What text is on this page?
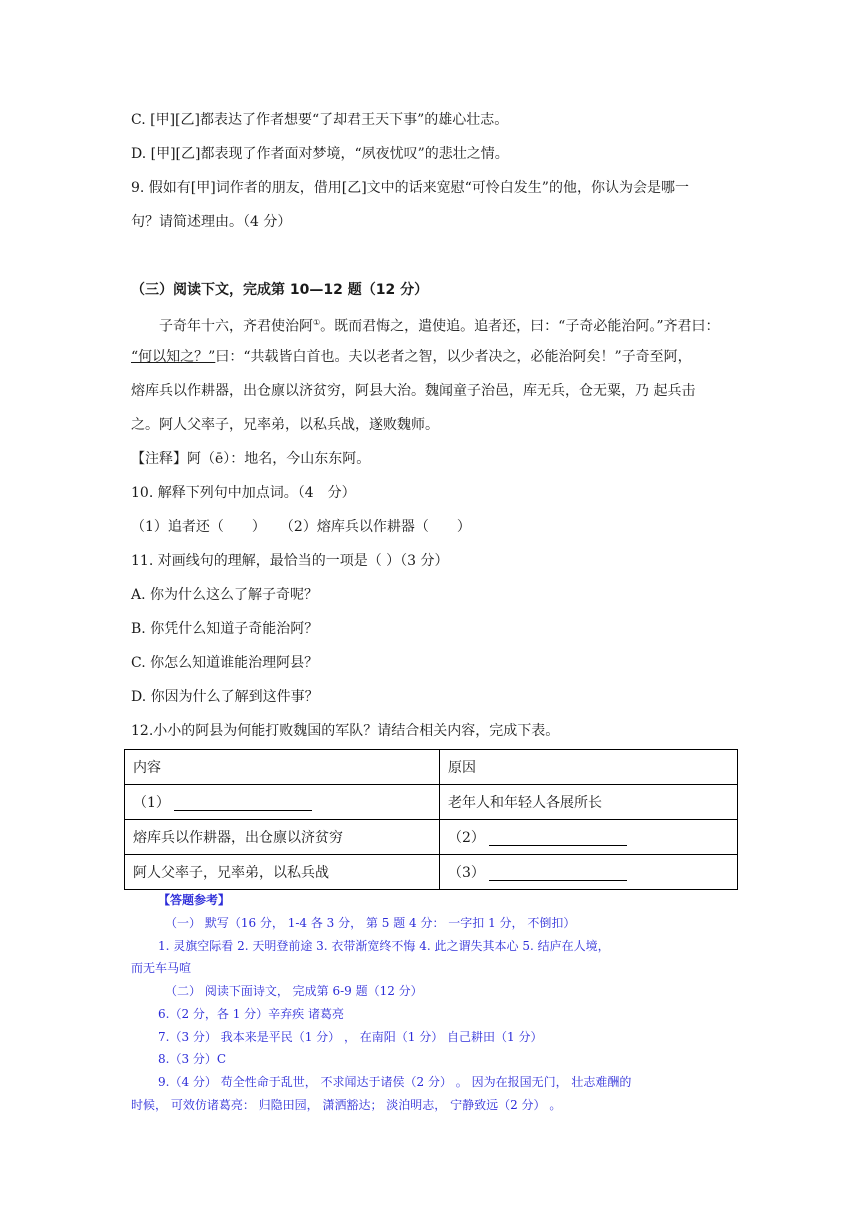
C. [甲][乙]都表达了作者想要“了却君王天下事”的雄心壮志。
D. [甲][乙]都表现了作者面对梦境，“夙夜忧叹”的悲壮之情。
9. 假如有[甲]词作者的朋友，借用[乙]文中的话来宽慰“可怜白发生”的他，你认为会是哪一
句？请简述理由。（4 分）
（三）阅读下文，完成第 10—12 题（12 分）
子奇年十六，齐君使治阿①。既而君悔之，遣使追。追者还，曰：“子奇必能治阿。”齐君曰：
“何以知之？”曰：“共载皆白首也。夫以老者之智，以少者决之，必能治阿矣！”子奇至阿，
熔库兵以作耕器，出仓廪以济贫穷，阿县大治。魏闻童子治邑，库无兵，仓无粟，乃 起兵击
之。阿人父率子，兄率弟，以私兵战，遂败魏师。
【注释】阿（ē）：地名，今山东东阿。
10. 解释下列句中加点词。（4　分）
（1）追者还（　　）　　（2）熔库兵以作耕器（　　）
11. 对画线句的理解，最恰当的一项是（ ）（3 分）
A. 你为什么这么了解子奇呢？
B. 你凭什么知道子奇能治阿？
C. 你怎么知道谁能治理阿县？
D. 你因为什么了解到这件事？
12.小小的阿县为何能打败魏国的军队？请结合相关内容，完成下表。
内容	原因
（1）	老年人和年轻人各展所长
熔库兵以作耕器，出仓廪以济贫穷	（2）
阿人父率子，兄率弟，以私兵战	（3）
【答题参考】
（一） 默写（16 分， 1-4 各 3 分， 第 5 题 4 分： 一字扣 1 分， 不倒扣）
1. 灵旗空际看 2. 天明登前途 3. 衣带渐宽终不悔 4. 此之谓失其本心 5. 结庐在人境，
而无车马喧
（二） 阅读下面诗文， 完成第 6-9 题（12 分）
6.（2 分，各 1 分）辛弃疾 诸葛亮
7.（3 分） 我本来是平民（1 分） ， 在南阳（1 分） 自己耕田（1 分）
8.（3 分）C
9.（4 分） 苟全性命于乱世， 不求闻达于诸侯（2 分） 。 因为在报国无门， 壮志难酬的
时候， 可效仿诸葛亮： 归隐田园， 潇洒豁达； 淡泊明志， 宁静致远（2 分） 。
